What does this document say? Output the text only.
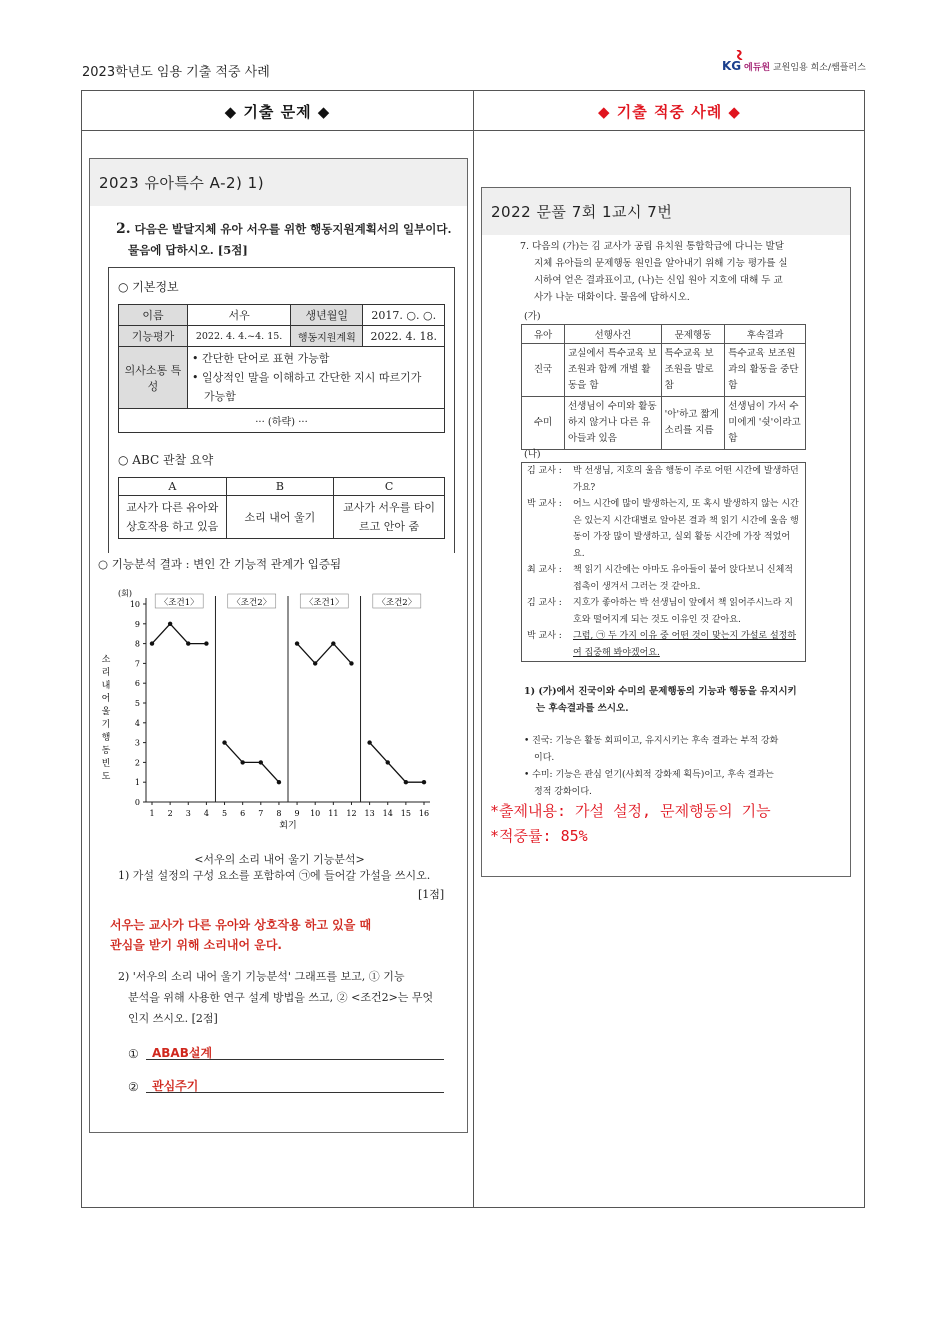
2023학년도 임용 기출 적중 사례	KG 에듀원 교원임용 희소/쌤플러스
◆ 기출 문제 ◆	◆ 기출 적중 사례 ◆
2023 유아특수 A-2) 1)
2. 다음은 발달지체 유아 서우를 위한 행동지원계획서의 일부이다.
물음에 답하시오. [5점]
○ 기본정보
이름	서우	생년월일	2017. ○. ○.
기능평가	2022. 4. 4.~4. 15.	행동지원계획	2022. 4. 18.
의사소통 특성	• 간단한 단어로 표현 가능함
• 일상적인 말을 이해하고 간단한 지시 따르기가
가능함		

··· (하략) ···			
○ ABC 관찰 요약
A	B	C
교사가 다른 유아와 상호작용 하고 있음	소리 내어 울기	교사가 서우를 타이르고 안아 줌
○ 기능분석 결과 : 변인 간 기능적 관계가 입증됨
(회)
0
1
2
3
4
5
6
7
8
9
10
1 2 3 4 5 6 7 8 9 10 11 12 13 14 15 16
회기
소 리 내 어 울 기 행 동 빈 도
〈조건1〉	〈조건2〉	〈조건1〉	〈조건2〉
<서우의 소리 내어 울기 기능분석>
1) 가설 설정의 구성 요소를 포함하여 ㉠에 들어갈 가설을 쓰시오.
[1점]
서우는 교사가 다른 유아와 상호작용 하고 있을 때
관심을 받기 위해 소리내어 운다.
2) '서우의 소리 내어 울기 기능분석' 그래프를 보고, ① 기능
분석을 위해 사용한 연구 설계 방법을 쓰고, ② <조건2>는 무엇
인지 쓰시오. [2점]
① ABAB설계
② 관심주기
2022 문풀 7회 1교시 7번
7. 다음의 (가)는 김 교사가 공립 유치원 통합학급에 다니는 발달
지체 유아들의 문제행동 원인을 알아내기 위해 기능 평가를 실
시하여 얻은 결과표이고, (나)는 신입 원아 지호에 대해 두 교
사가 나눈 대화이다. 물음에 답하시오.
(가)
유아	선행사건	문제행동	후속결과
진국	교실에서 특수교육 보조원과 함께 개별 활동을 함	특수교육 보조원을 발로 참	특수교육 보조원과의 활동을 중단함
수미	선생님이 수미와 활동하지 않거나 다른 유아들과 있음	'아'하고 짧게 소리를 지름	선생님이 가서 수미에게 '쉿'이라고 함
(나)
김 교사 :	박 선생님, 지호의 울음 행동이 주로 어떤 시간에 발생하던가요?
박 교사 :	어느 시간에 많이 발생하는지, 또 혹시 발생하지 않는 시간은 있는지 시간대별로 알아본 결과 책 읽기 시간에 울음 행동이 가장 많이 발생하고, 실외 활동 시간에 가장 적었어요.
최 교사 :	책 읽기 시간에는 아마도 유아들이 붙어 앉다보니 신체적 접촉이 생겨서 그러는 것 같아요.
김 교사 :	지호가 좋아하는 박 선생님이 앞에서 책 읽어주시느라 지호와 떨어지게 되는 것도 이유인 것 같아요.
박 교사 :	그럼, ㉠ 두 가지 이유 중 어떤 것이 맞는지 가설로 설정하여 집중해 봐야겠어요.
1) (가)에서 진국이와 수미의 문제행동의 기능과 행동을 유지시키
는 후속결과를 쓰시오.
• 진국: 기능은 활동 회피이고, 유지시키는 후속 결과는 부적 강화
이다.
• 수미: 기능은 관심 얻기(사회적 강화제 획득)이고, 후속 결과는
정적 강화이다.
*출제내용: 가설 설정, 문제행동의 기능
*적중률: 85%
